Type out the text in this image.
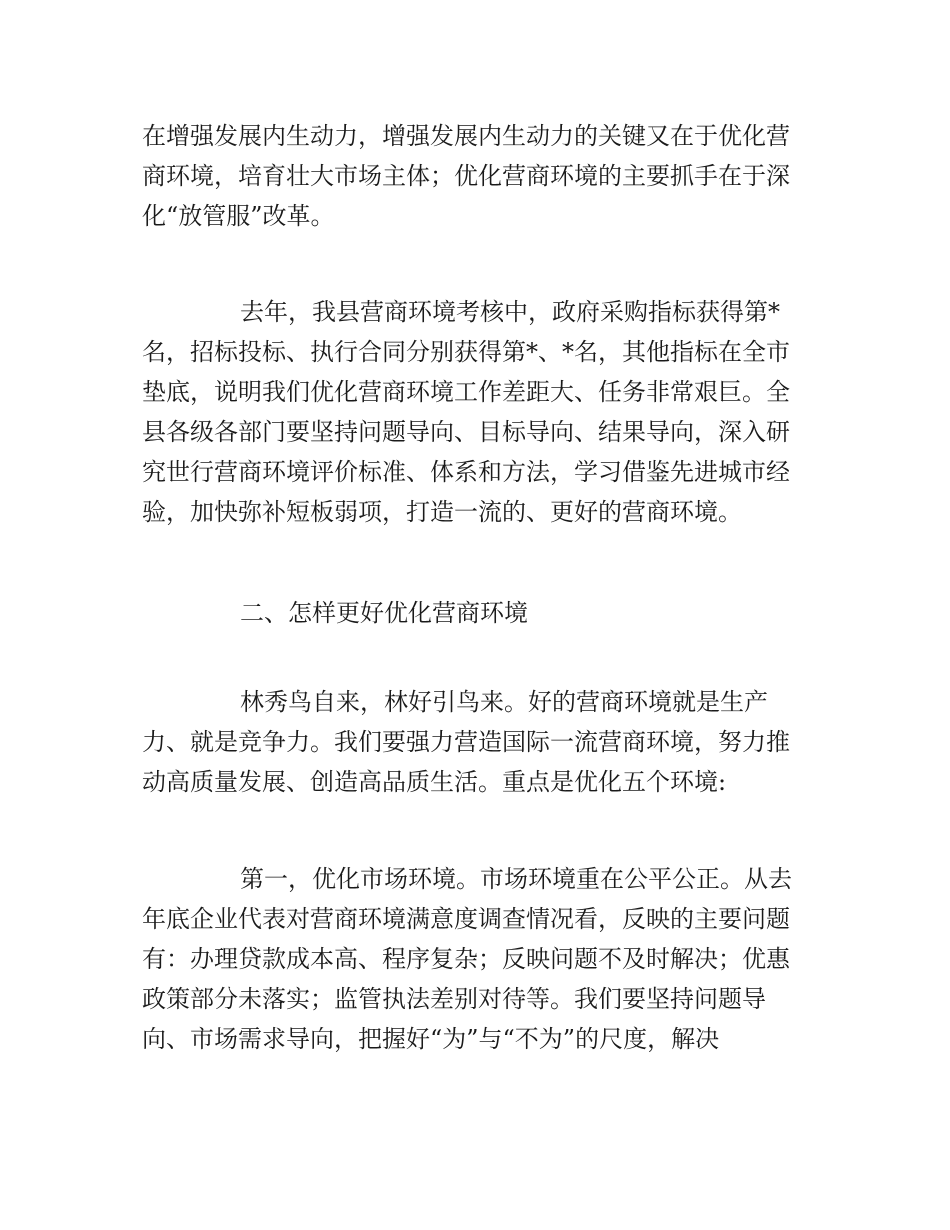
在增强发展内生动力，增强发展内生动力的关键又在于优化营
商环境，培育壮大市场主体；优化营商环境的主要抓手在于深
化“放管服”改革。
去年，我县营商环境考核中，政府采购指标获得第*
名，招标投标、执行合同分别获得第*、*名，其他指标在全市
垫底，说明我们优化营商环境工作差距大、任务非常艰巨。全
县各级各部门要坚持问题导向、目标导向、结果导向，深入研
究世行营商环境评价标准、体系和方法，学习借鉴先进城市经
验，加快弥补短板弱项，打造一流的、更好的营商环境。
二、怎样更好优化营商环境
林秀鸟自来，林好引鸟来。好的营商环境就是生产
力、就是竞争力。我们要强力营造国际一流营商环境，努力推
动高质量发展、创造高品质生活。重点是优化五个环境:
第一，优化市场环境。市场环境重在公平公正。从去
年底企业代表对营商环境满意度调查情况看，反映的主要问题
有：办理贷款成本高、程序复杂；反映问题不及时解决；优惠
政策部分未落实；监管执法差别对待等。我们要坚持问题导
向、市场需求导向，把握好“为”与“不为”的尺度，解决
